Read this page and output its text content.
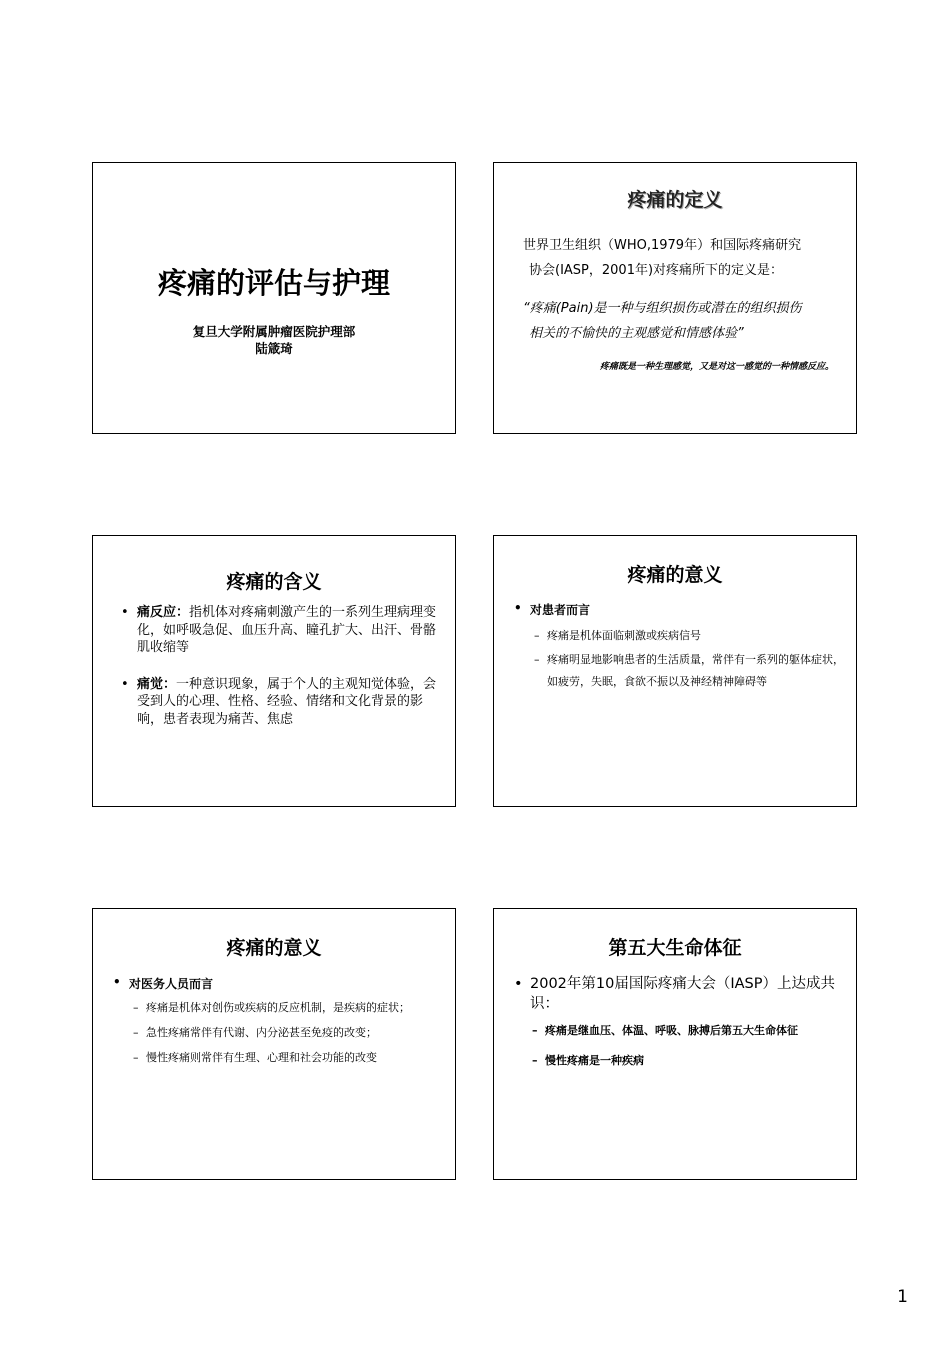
疼痛的评估与护理
复旦大学附属肿瘤医院护理部
陆箴琦
疼痛的定义
世界卫生组织（WHO,1979年）和国际疼痛研究
协会(IASP，2001年)对疼痛所下的定义是：
“疼痛(Pain)是一种与组织损伤或潜在的组织损伤
相关的不愉快的主观感觉和情感体验”
疼痛既是一种生理感觉，又是对这一感觉的一种情感反应。
疼痛的含义
• 痛反应：指机体对疼痛刺激产生的一系列生理病理变化，如呼吸急促、血压升高、瞳孔扩大、出汗、骨骼肌收缩等
• 痛觉：一种意识现象，属于个人的主观知觉体验，会受到人的心理、性格、经验、情绪和文化背景的影响，患者表现为痛苦、焦虑
疼痛的意义
• 对患者而言
– 疼痛是机体面临刺激或疾病信号
– 疼痛明显地影响患者的生活质量，常伴有一系列的躯体症状，如疲劳，失眠，食欲不振以及神经精神障碍等
疼痛的意义
• 对医务人员而言
– 疼痛是机体对创伤或疾病的反应机制，是疾病的症状；
– 急性疼痛常伴有代谢、内分泌甚至免疫的改变；
– 慢性疼痛则常伴有生理、心理和社会功能的改变
第五大生命体征
• 2002年第10届国际疼痛大会（IASP）上达成共识：
– 疼痛是继血压、体温、呼吸、脉搏后第五大生命体征
– 慢性疼痛是一种疾病
1
